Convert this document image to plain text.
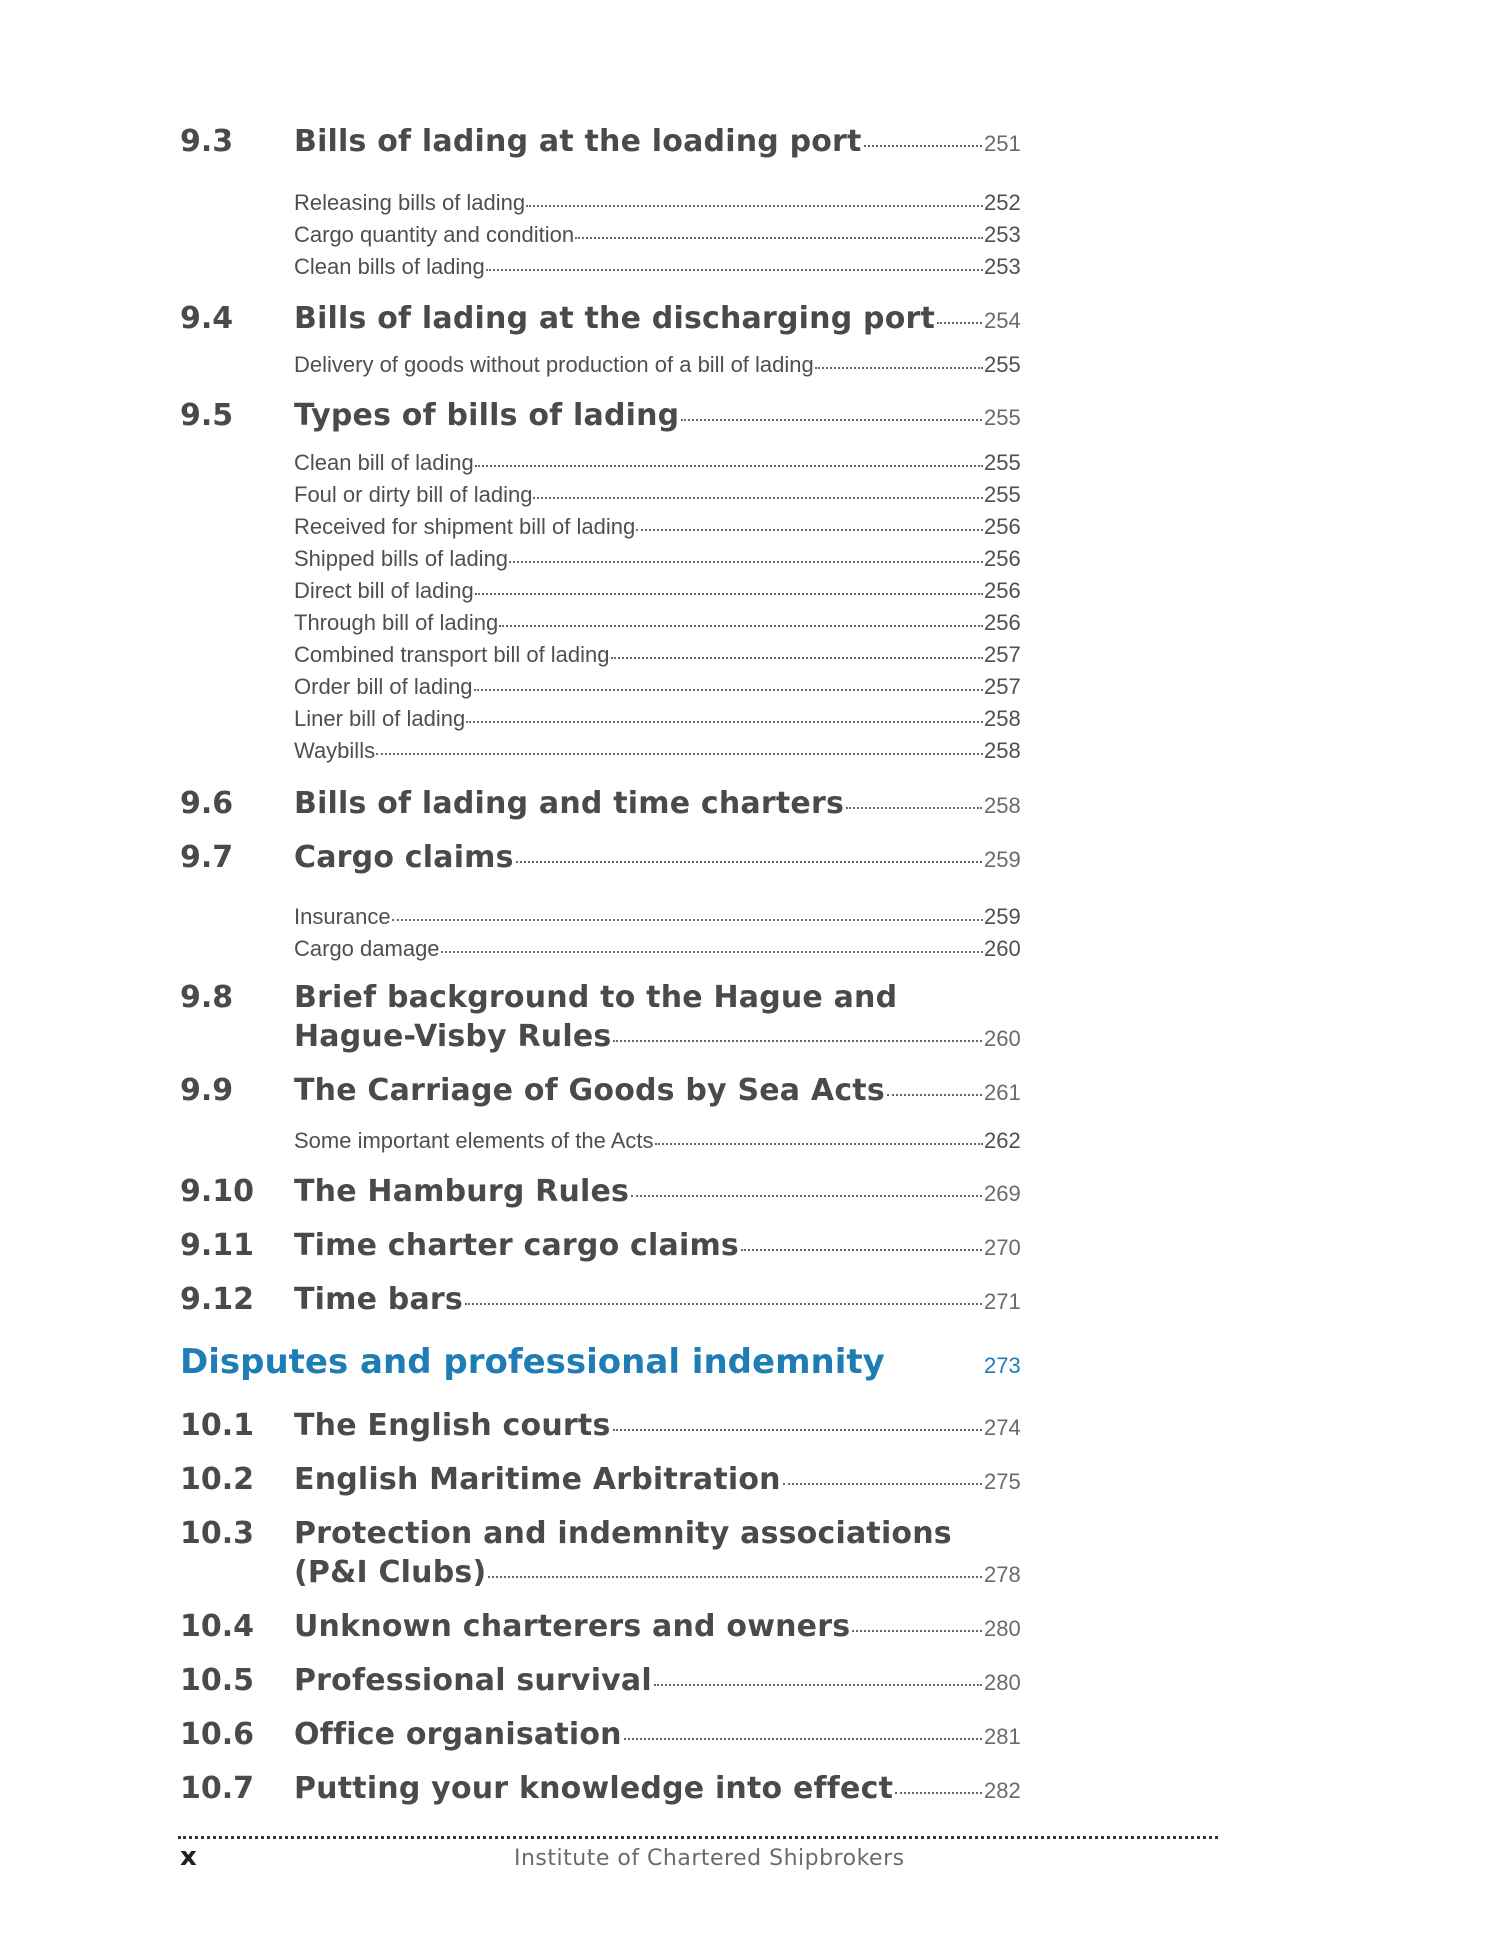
9.3	Bills of lading at the loading port	251
Releasing bills of lading	252
Cargo quantity and condition	253
Clean bills of lading	253
9.4	Bills of lading at the discharging port 254
Delivery of goods without production of a bill of lading	255
9.5	Types of bills of lading	255
Clean bill of lading	255
Foul or dirty bill of lading	255
Received for shipment bill of lading	256
Shipped bills of lading	256
Direct bill of lading	256
Through bill of lading	256
Combined transport bill of lading	257
Order bill of lading	257
Liner bill of lading	258
Waybills	258
9.6	Bills of lading and time charters	258
9.7	Cargo claims	259
Insurance	259
Cargo damage	260
9.8	Brief background to the Hague and
Hague-Visby Rules	260
9.9	The Carriage of Goods by Sea Acts	261
Some important elements of the Acts	262
9.10	The Hamburg Rules	269
9.11	Time charter cargo claims	270
9.12	Time bars	271
Disputes and professional indemnity	273
10.1	The English courts	274
10.2	English Maritime Arbitration	275
10.3	Protection and indemnity associations
(P&I Clubs)	278
10.4	Unknown charterers and owners	280
10.5	Professional survival	280
10.6	Office organisation	281
10.7	Putting your knowledge into effect	282
x	Institute of Chartered Shipbrokers
